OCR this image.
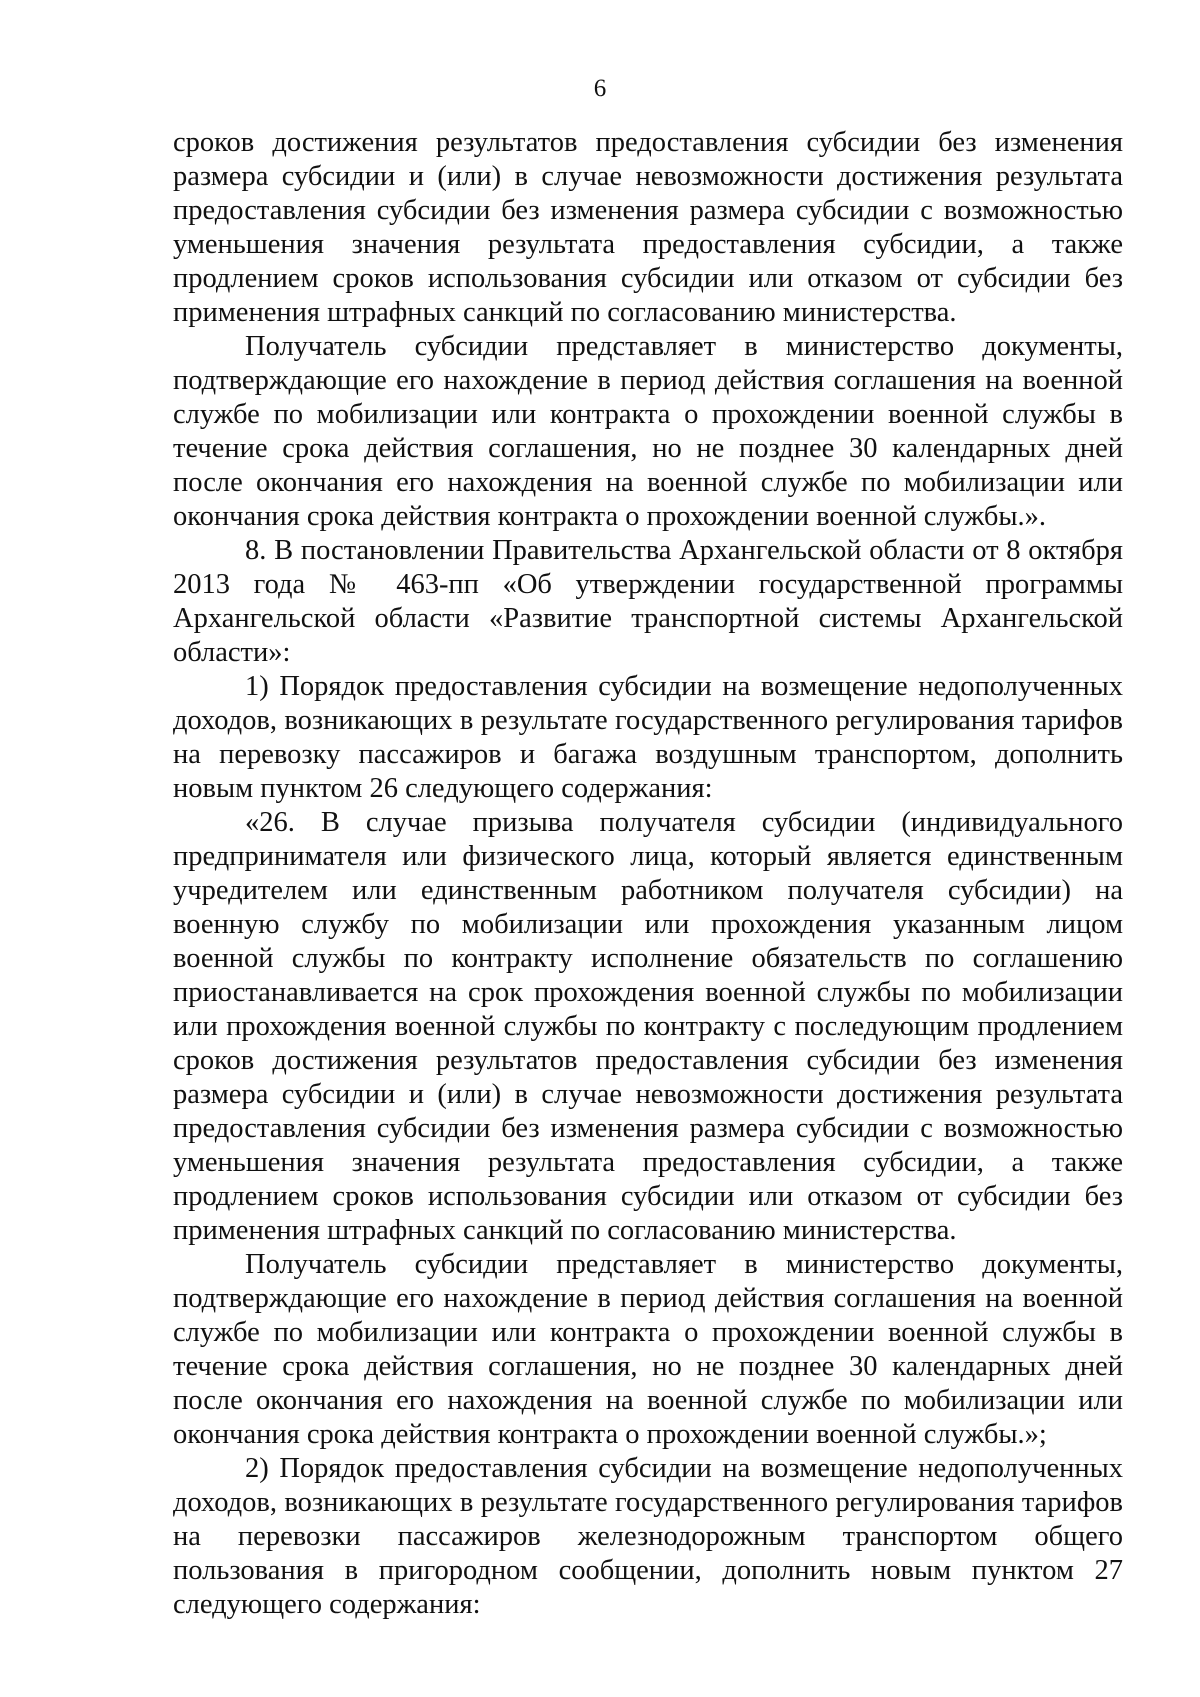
6

сроков достижения результатов предоставления субсидии без изменения размера субсидии и (или) в случае невозможности достижения результата предоставления субсидии без изменения размера субсидии с возможностью уменьшения значения результата предоставления субсидии, а также продлением сроков использования субсидии или отказом от субсидии без применения штрафных санкций по согласованию министерства.

Получатель субсидии представляет в министерство документы, подтверждающие его нахождение в период действия соглашения на военной службе по мобилизации или контракта о прохождении военной службы в течение срока действия соглашения, но не позднее 30 календарных дней после окончания его нахождения на военной службе по мобилизации или окончания срока действия контракта о прохождении военной службы.».

8. В постановлении Правительства Архангельской области от 8 октября 2013 года № 463-пп «Об утверждении государственной программы Архангельской области «Развитие транспортной системы Архангельской области»:

1) Порядок предоставления субсидии на возмещение недополученных доходов, возникающих в результате государственного регулирования тарифов на перевозку пассажиров и багажа воздушным транспортом, дополнить новым пунктом 26 следующего содержания:

«26. В случае призыва получателя субсидии (индивидуального предпринимателя или физического лица, который является единственным учредителем или единственным работником получателя субсидии) на военную службу по мобилизации или прохождения указанным лицом военной службы по контракту исполнение обязательств по соглашению приостанавливается на срок прохождения военной службы по мобилизации или прохождения военной службы по контракту с последующим продлением сроков достижения результатов предоставления субсидии без изменения размера субсидии и (или) в случае невозможности достижения результата предоставления субсидии без изменения размера субсидии с возможностью уменьшения значения результата предоставления субсидии, а также продлением сроков использования субсидии или отказом от субсидии без применения штрафных санкций по согласованию министерства.

Получатель субсидии представляет в министерство документы, подтверждающие его нахождение в период действия соглашения на военной службе по мобилизации или контракта о прохождении военной службы в течение срока действия соглашения, но не позднее 30 календарных дней после окончания его нахождения на военной службе по мобилизации или окончания срока действия контракта о прохождении военной службы.»;

2) Порядок предоставления субсидии на возмещение недополученных доходов, возникающих в результате государственного регулирования тарифов на перевозки пассажиров железнодорожным транспортом общего пользования в пригородном сообщении, дополнить новым пунктом 27 следующего содержания:
